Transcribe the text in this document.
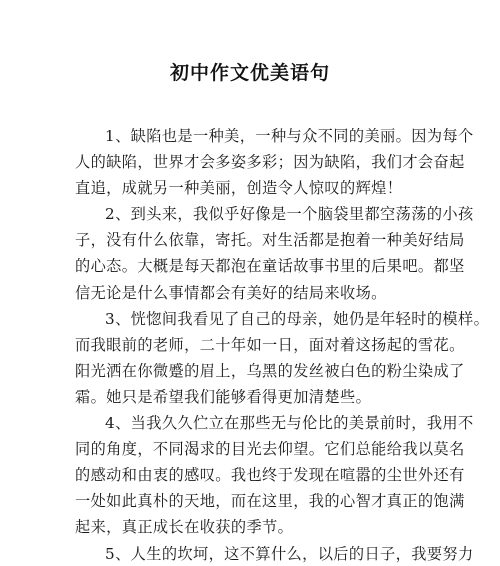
初中作文优美语句
1、缺陷也是一种美，一种与众不同的美丽。因为每个
人的缺陷，世界才会多姿多彩；因为缺陷，我们才会奋起
直追，成就另一种美丽，创造令人惊叹的辉煌！
2、到头来，我似乎好像是一个脑袋里都空荡荡的小孩
子，没有什么依靠，寄托。对生活都是抱着一种美好结局
的心态。大概是每天都泡在童话故事书里的后果吧。都坚
信无论是什么事情都会有美好的结局来收场。
3、恍惚间我看见了自己的母亲，她仍是年轻时的模样。
而我眼前的老师，二十年如一日，面对着这扬起的雪花。
阳光洒在你微蹙的眉上，乌黑的发丝被白色的粉尘染成了
霜。她只是希望我们能够看得更加清楚些。
4、当我久久伫立在那些无与伦比的美景前时，我用不
同的角度，不同渴求的目光去仰望。它们总能给我以莫名
的感动和由衷的感叹。我也终于发现在喧嚣的尘世外还有
一处如此真朴的天地，而在这里，我的心智才真正的饱满
起来，真正成长在收获的季节。
5、人生的坎坷，这不算什么，以后的日子，我要努力
